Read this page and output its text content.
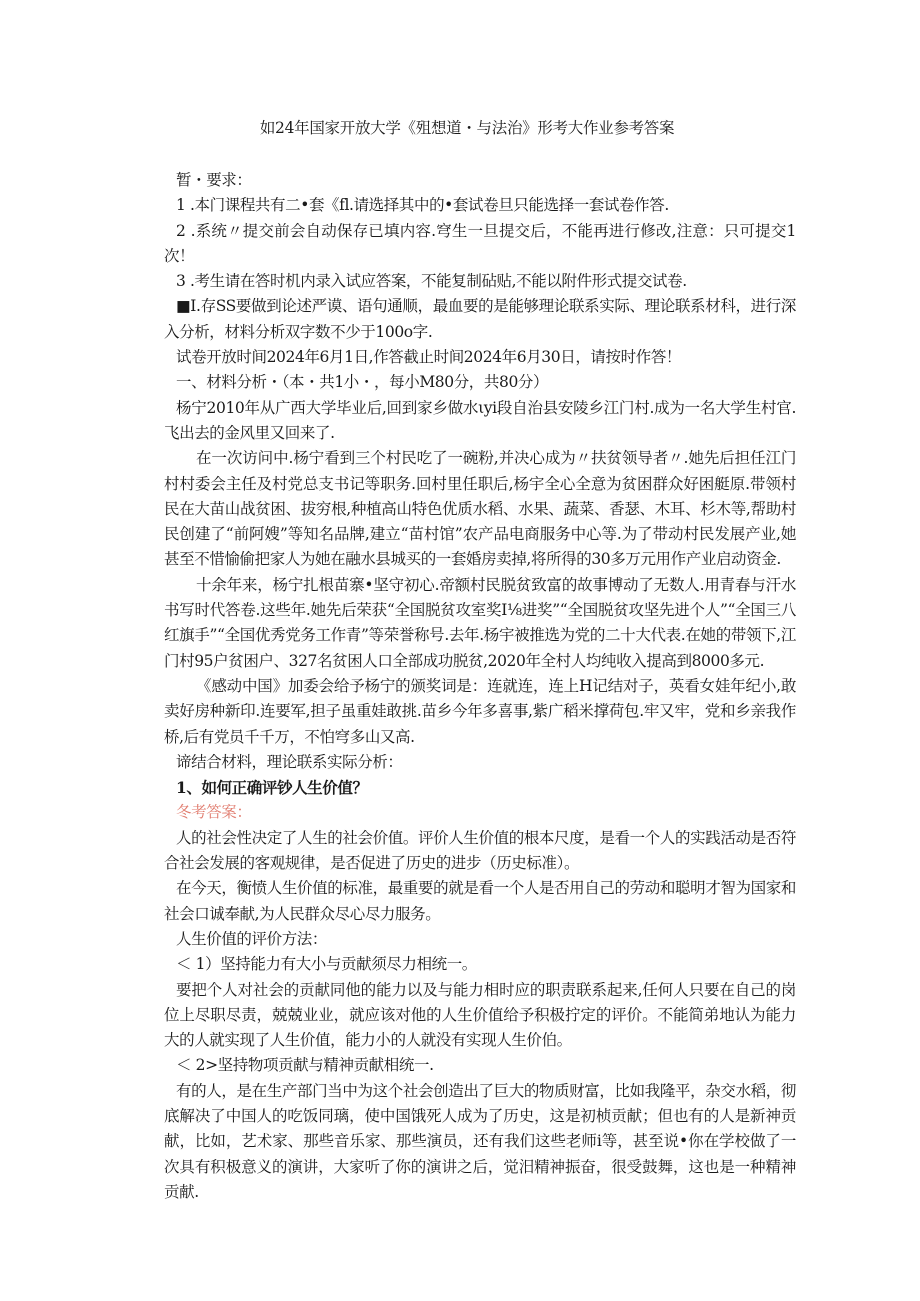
如24年国家开放大学《殂想道・与法治》形考大作业参考答案

暂・要求：

1 .本门课程共有二•套《fl.请选择其中的•套试卷旦只能选择一套试卷作答.

2 .系统〃提交前会自动保存已填内容.穹生一旦提交后，不能再进行修改,注意：只可提交1次！

3 .考生请在答时机内录入试应答案，不能复制砧贴,不能以附件形式提交试卷.

■I.存SS要做到论述严谟、语句通顺，最血要的是能够理论联系实际、理论联系材科，进行深入分析，材料分析双字数不少于100o字.

试卷开放时间2024年6月1日,作答截止时间2024年6月30日，请按时作答！

一、材料分析・（本・共1小・，每小M80分，共80分）

杨宁2010年从广西大学毕业后,回到家乡做水ιyi段自治县安陵乡江门村.成为一名大学生村官.飞出去的金风里又回来了.

在一次访问中.杨宁看到三个村民吃了一碗粉,并决心成为〃扶贫领导者〃.她先后担任江门村村委会主任及村党总支书记等职务.回村里任职后,杨宇全心全意为贫困群众好困艇原.带领村民在大苗山战贫困、拔穷根,种植高山特色优质水稻、水果、蔬菜、香瑟、木耳、杉木等,帮助村民创建了“前阿嫂”等知名品牌,建立“苗村馆”农产品电商服务中心等.为了带动村民发展产业,她甚至不惜愉偷把家人为她在融水县城买的一套婚房卖掉,将所得的30多万元用作产业启动资金.

十余年来，杨宁扎根苗寨•坚守初心.帝额村民脱贫致富的故事博动了无数人.用青春与汗水书写时代答卷.这些年.她先后荣获“全国脱贫攻室奖I⅛进奖”“全国脱贫攻坚先进个人”“全国三八红旗手”“全国优秀党务工作青”等荣誉称号.去年.杨宇被推选为党的二十大代表.在她的带领下,江门村95户贫困户、327名贫困人口全部成功脱贫,2020年全村人均纯收入提高到8000多元.

《感动中国》加委会给予杨宁的颁奖词是：连就连，连上H记结对子，英看女娃年纪小,敢卖好房种新印.连要军,担子虽重娃敢挑.苗乡今年多喜事,紫广稻米撑荷包.牢又牢，党和乡亲我作桥,后有党员千千万，不怕穹多山又高.

谛结合材料，理论联系实际分析：

1、如何正确评钞人生价值？

冬考答案：

人的社会性决定了人生的社会价值。评价人生价值的根本尺度，是看一个人的实践活动是否符合社会发展的客观规律，是否促进了历史的进步（历史标准）。

在今天，衡愤人生价值的标准，最重要的就是看一个人是否用自己的劳动和聪明才智为国家和社会口诚奉献,为人民群众尽心尽力服务。

人生价值的评价方法：

＜ 1）坚持能力有大小与贡献须尽力相统一。

要把个人对社会的贡献同他的能力以及与能力相时应的职责联系起来,任何人只要在自己的岗位上尽职尽责，兢兢业业，就应该对他的人生价值给予积极拧定的评价。不能简弟地认为能力大的人就实现了人生价值，能力小的人就没有实现人生价伯。

＜ 2>坚持物项贡献与精神贡献相统一.

有的人，是在生产部门当中为这个社会创造出了巨大的物质财富，比如我隆平，杂交水稻，彻底解决了中国人的吃饭同璃，使中国饿死人成为了历史，这是初桢贡献；但也有的人是新神贡献，比如，艺术家、那些音乐家、那些演员，还有我们这些老师i等，甚至说•你在学校做了一次具有积极意义的演讲，大家听了你的演讲之后，觉汨精神振奋，很受鼓舞，这也是一种精神贡献.
